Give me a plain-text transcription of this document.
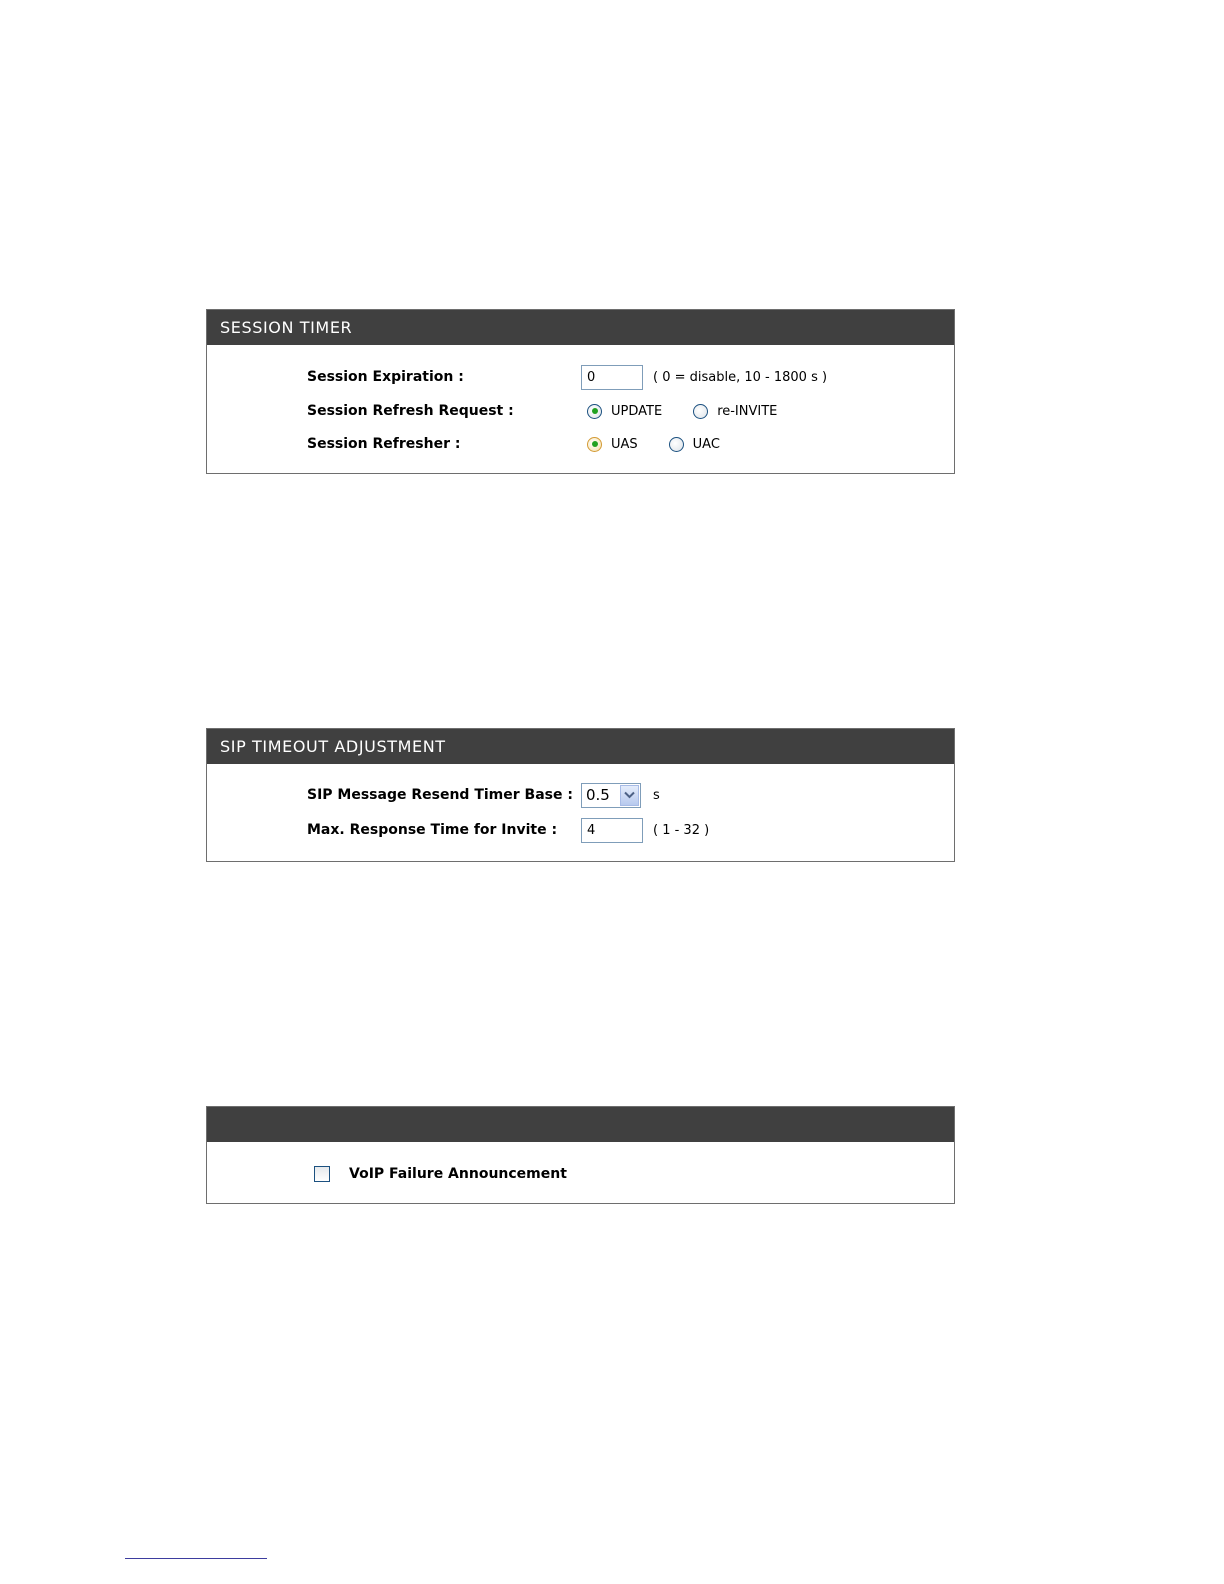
SESSION TIMER
Session Expiration :	0	( 0 = disable, 10 - 1800 s )
Session Refresh Request :	UPDATE	re-INVITE
Session Refresher :	UAS	UAC
SIP TIMEOUT ADJUSTMENT
SIP Message Resend Timer Base : 0.5	s
Max. Response Time for Invite :	4	( 1 - 32 )
VoIP Failure Announcement
